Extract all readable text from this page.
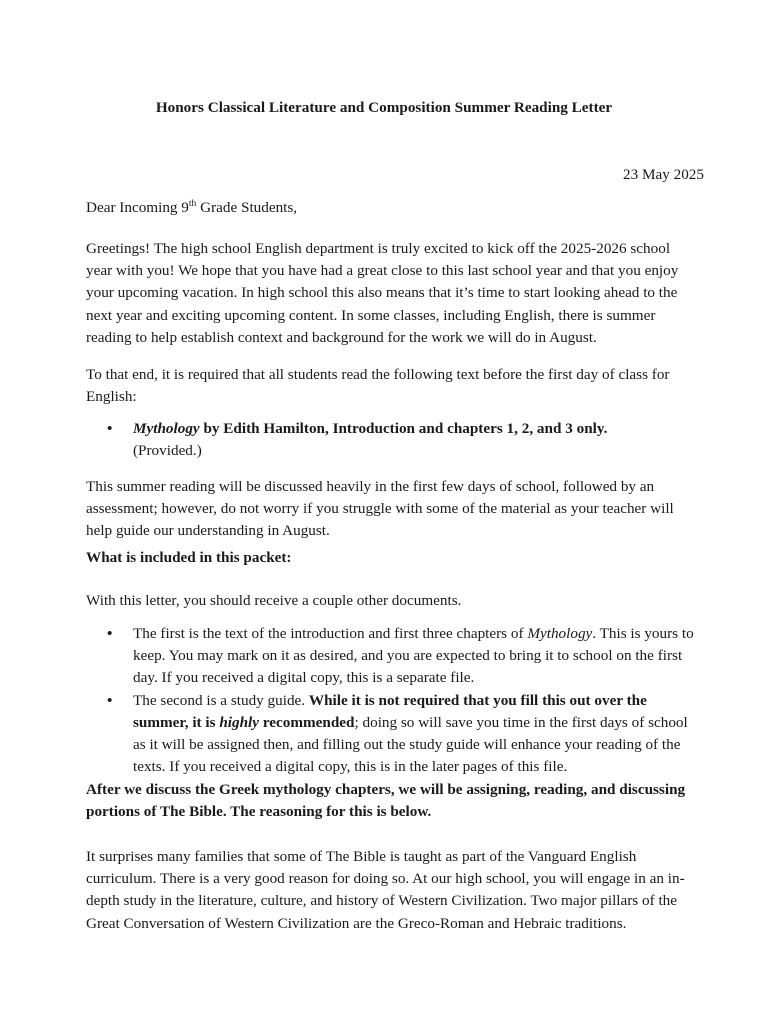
Honors Classical Literature and Composition Summer Reading Letter
23 May 2025
Dear Incoming 9th Grade Students,

Greetings! The high school English department is truly excited to kick off the 2025-2026 school year with you! We hope that you have had a great close to this last school year and that you enjoy your upcoming vacation. In high school this also means that it’s time to start looking ahead to the next year and exciting upcoming content. In some classes, including English, there is summer reading to help establish context and background for the work we will do in August.

To that end, it is required that all students read the following text before the first day of class for English:

• Mythology by Edith Hamilton, Introduction and chapters 1, 2, and 3 only.
(Provided.)

This summer reading will be discussed heavily in the first few days of school, followed by an assessment; however, do not worry if you struggle with some of the material as your teacher will help guide our understanding in August.

What is included in this packet:

With this letter, you should receive a couple other documents.

• The first is the text of the introduction and first three chapters of Mythology. This is yours to keep. You may mark on it as desired, and you are expected to bring it to school on the first day. If you received a digital copy, this is a separate file.
• The second is a study guide. While it is not required that you fill this out over the summer, it is highly recommended; doing so will save you time in the first days of school as it will be assigned then, and filling out the study guide will enhance your reading of the texts. If you received a digital copy, this is in the later pages of this file.

After we discuss the Greek mythology chapters, we will be assigning, reading, and discussing portions of The Bible. The reasoning for this is below.

It surprises many families that some of The Bible is taught as part of the Vanguard English curriculum. There is a very good reason for doing so. At our high school, you will engage in an in-depth study in the literature, culture, and history of Western Civilization. Two major pillars of the Great Conversation of Western Civilization are the Greco-Roman and Hebraic traditions.
